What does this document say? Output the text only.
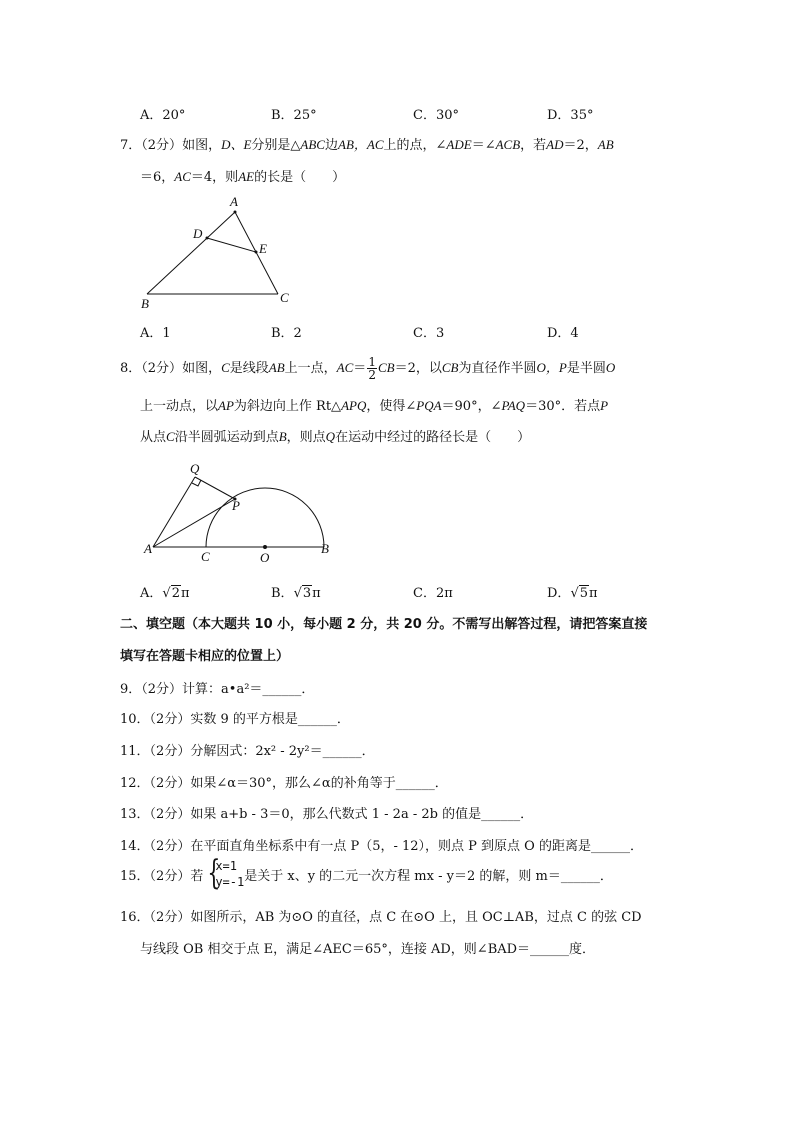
A．20°	B．25°	C．30°	D．35°
7．（2分）如图，D、E分别是△ABC边AB，AC上的点，∠ADE＝∠ACB，若AD＝2，AB
＝6，AC＝4，则AE的长是（　　）
A
D
E
B	C
A．1	B．2	C．3	D．4
8．（2分）如图，C是线段AB上一点，$AC= \frac{1}{2} CB=2$，以CB为直径作半圆O，P是半圆O
上一动点，以AP为斜边向上作 Rt△APQ，使得∠PQA＝90°，∠PAQ＝30°．若点P
从点C沿半圆弧运动到点B，则点Q在运动中经过的路径长是（　　）
Q
P
A
C	O
B
A．√2π	B．√3π	C．2π	D．√5π
二、填空题（本大题共 10 小，每小题 2 分，共 20 分。不需写出解答过程，请把答案直接
填写在答题卡相应的位置上）
9．（2分）计算：a•a²＝______．
10．（2分）实数 9 的平方根是______．
11．（2分）分解因式：2x² - 2y²＝______．
12．（2分）如果∠α＝30°，那么∠α的补角等于______．
13．（2分）如果 a+b - 3＝0，那么代数式 1 - 2a - 2b 的值是______．
14．（2分）在平面直角坐标系中有一点 P（5，- 12），则点 P 到原点 O 的距离是______．
15．（2分）若 {
x=1
y=-1 是关于 x、y 的二元一次方程 mx - y＝2 的解，则 m＝______．
16．（2分）如图所示，AB 为⊙O 的直径，点 C 在⊙O 上，且 OC⊥AB，过点 C 的弦 CD
与线段 OB 相交于点 E，满足∠AEC＝65°，连接 AD，则∠BAD＝______度．
